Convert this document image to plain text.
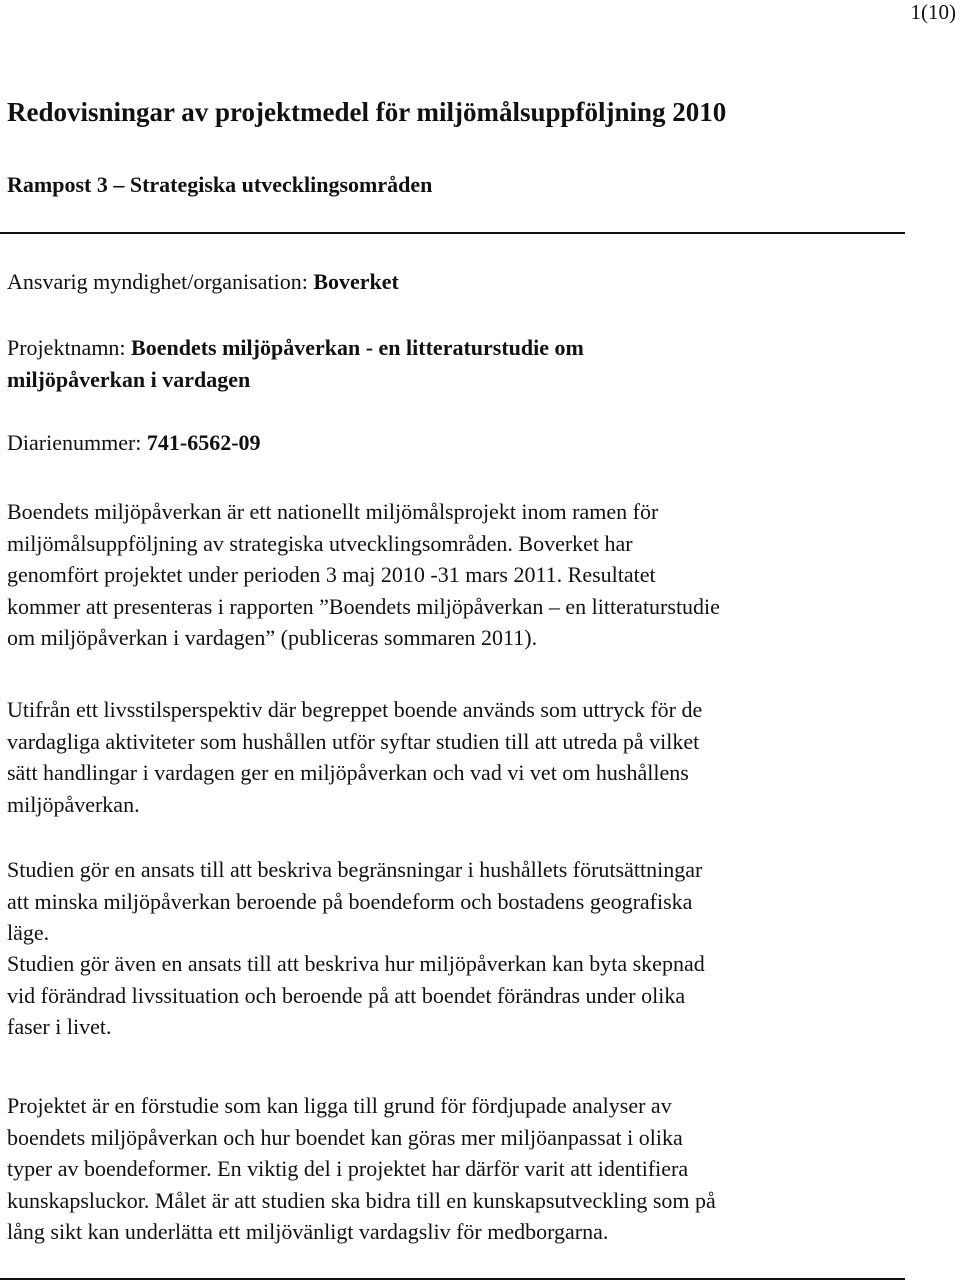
1(10)
Redovisningar av projektmedel för miljömålsuppföljning 2010
Rampost 3 – Strategiska utvecklingsområden
Ansvarig myndighet/organisation: Boverket
Projektnamn: Boendets miljöpåverkan - en litteraturstudie om
miljöpåverkan i vardagen
Diarienummer: 741-6562-09
Boendets miljöpåverkan är ett nationellt miljömålsprojekt inom ramen för
miljömålsuppföljning av strategiska utvecklingsområden. Boverket har
genomfört projektet under perioden 3 maj 2010 -31 mars 2011. Resultatet
kommer att presenteras i rapporten ”Boendets miljöpåverkan – en litteraturstudie
om miljöpåverkan i vardagen” (publiceras sommaren 2011).
Utifrån ett livsstilsperspektiv där begreppet boende används som uttryck för de
vardagliga aktiviteter som hushållen utför syftar studien till att utreda på vilket
sätt handlingar i vardagen ger en miljöpåverkan och vad vi vet om hushållens
miljöpåverkan.
Studien gör en ansats till att beskriva begränsningar i hushållets förutsättningar
att minska miljöpåverkan beroende på boendeform och bostadens geografiska
läge.
Studien gör även en ansats till att beskriva hur miljöpåverkan kan byta skepnad
vid förändrad livssituation och beroende på att boendet förändras under olika
faser i livet.
Projektet är en förstudie som kan ligga till grund för fördjupade analyser av
boendets miljöpåverkan och hur boendet kan göras mer miljöanpassat i olika
typer av boendeformer. En viktig del i projektet har därför varit att identifiera
kunskapsluckor. Målet är att studien ska bidra till en kunskapsutveckling som på
lång sikt kan underlätta ett miljövänligt vardagsliv för medborgarna.
